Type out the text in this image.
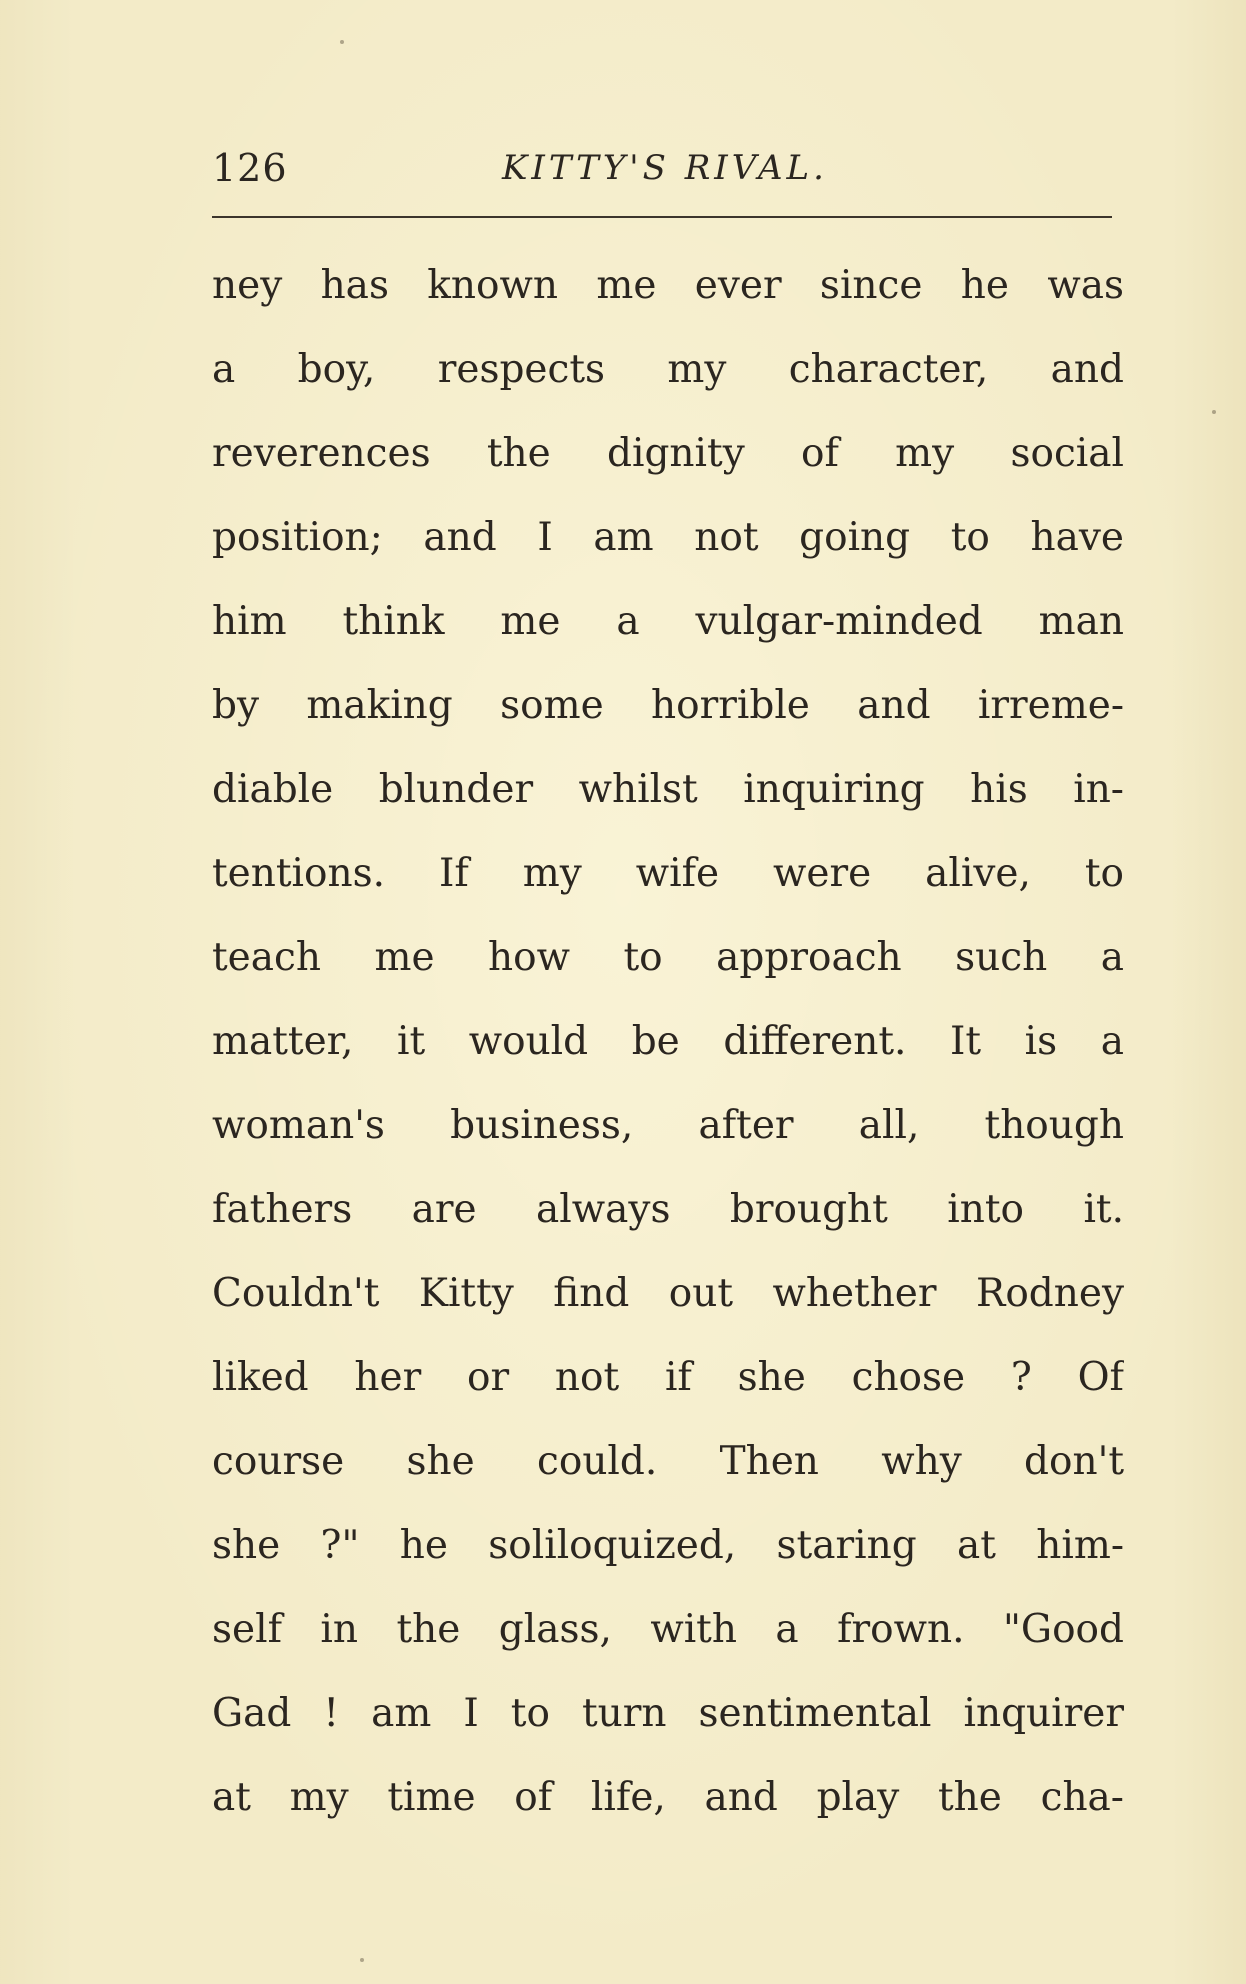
126	KITTY'S RIVAL.
ney has known me ever since he was
a boy, respects my character, and
reverences the dignity of my social
position; and I am not going to have
him think me a vulgar-minded man
by making some horrible and irreme-
diable blunder whilst inquiring his in-
tentions. If my wife were alive, to
teach me how to approach such a
matter, it would be different. It is a
woman's business, after all, though
fathers are always brought into it.
Couldn't Kitty find out whether Rodney
liked her or not if she chose ? Of
course she could. Then why don't
she ?" he soliloquized, staring at him-
self in the glass, with a frown. "Good
Gad ! am I to turn sentimental inquirer
at my time of life, and play the cha-
